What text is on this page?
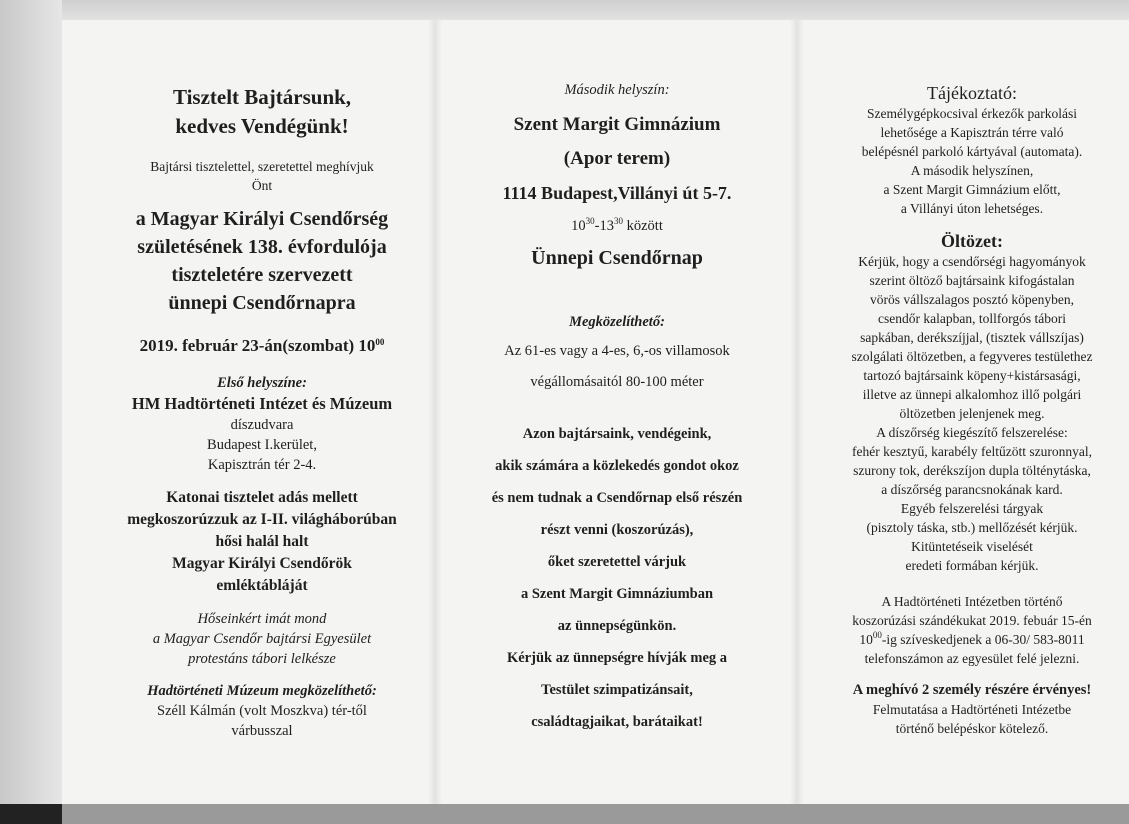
Tisztelt Bajtársunk,

kedves Vendégünk!

Bajtársi tisztelettel, szeretettel meghívjuk

Önt

a Magyar Királyi Csendőrség

születésének 138. évfordulója

tiszteletére szervezett

ünnepi Csendőrnapra

2019. február 23-án(szombat) $10^{00}$

Első helyszíne:

HM Hadtörténeti Intézet és Múzeum

díszudvara

Budapest I.kerület,

Kapisztrán tér 2-4.

Katonai tisztelet adás mellett

megkoszorúzzuk az I-II. világháborúban

hősi halál halt

Magyar Királyi Csendőrök

emléktábláját

Hőseinkért imát mond

a Magyar Csendőr bajtársi Egyesület

protestáns tábori lelkésze

Hadtörténeti Múzeum megközelíthető:

Széll Kálmán (volt Moszkva) tér-től

várbusszal

Második helyszín:

Szent Margit Gimnázium

(Apor terem)

1114 Budapest,Villányi út 5-7.

$10^{30}-13^{30}$ között

Ünnepi Csendőrnap

Megközelíthető:

Az 61-es vagy a 4-es, 6,-os villamosok

végállomásaitól 80-100 méter

Azon bajtársaink, vendégeink,

akik számára a közlekedés gondot okoz

és nem tudnak a Csendőrnap első részén

részt venni (koszorúzás),

őket szeretettel várjuk

a Szent Margit Gimnáziumban

az ünnepségünkön.

Kérjük az ünnepségre hívják meg a

Testület szimpatizánsait,

családtagjaikat, barátaikat!

Tájékoztató:

Személygépkocsival érkezők parkolási

lehetősége a Kapisztrán térre való

belépésnél parkoló kártyával (automata).

A második helyszínen,

a Szent Margit Gimnázium előtt,

a Villányi úton lehetséges.

Öltözet:

Kérjük, hogy a csendőrségi hagyományok

szerint öltöző bajtársaink kifogástalan

vörös vállszalagos posztó köpenyben,

csendőr kalapban, tollforgós tábori

sapkában, derékszíjjal, (tisztek vállszíjas)

szolgálati öltözetben, a fegyveres testülethez

tartozó bajtársaink köpeny+kistársasági,

illetve az ünnepi alkalomhoz illő polgári

öltözetben jelenjenek meg.

A díszőrség kiegészítő felszerelése:

fehér kesztyű, karabély feltűzött szuronnyal,

szurony tok, derékszíjon dupla tölténytáska,

a díszőrség parancsnokának kard.

Egyéb felszerelési tárgyak

(pisztoly táska, stb.) mellőzését kérjük.

Kitüntetéseik viselését

eredeti formában kérjük.

A Hadtörténeti Intézetben történő

koszorúzási szándékukat 2019. febuár 15-én

$10^{00}-ig$ szíveskedjenek a 06-30/ 583-8011

telefonszámon az egyesület felé jelezni.

A meghívó 2 személy részére érvényes!

Felmutatása a Hadtörténeti Intézetbe

történő belépéskor kötelező.
